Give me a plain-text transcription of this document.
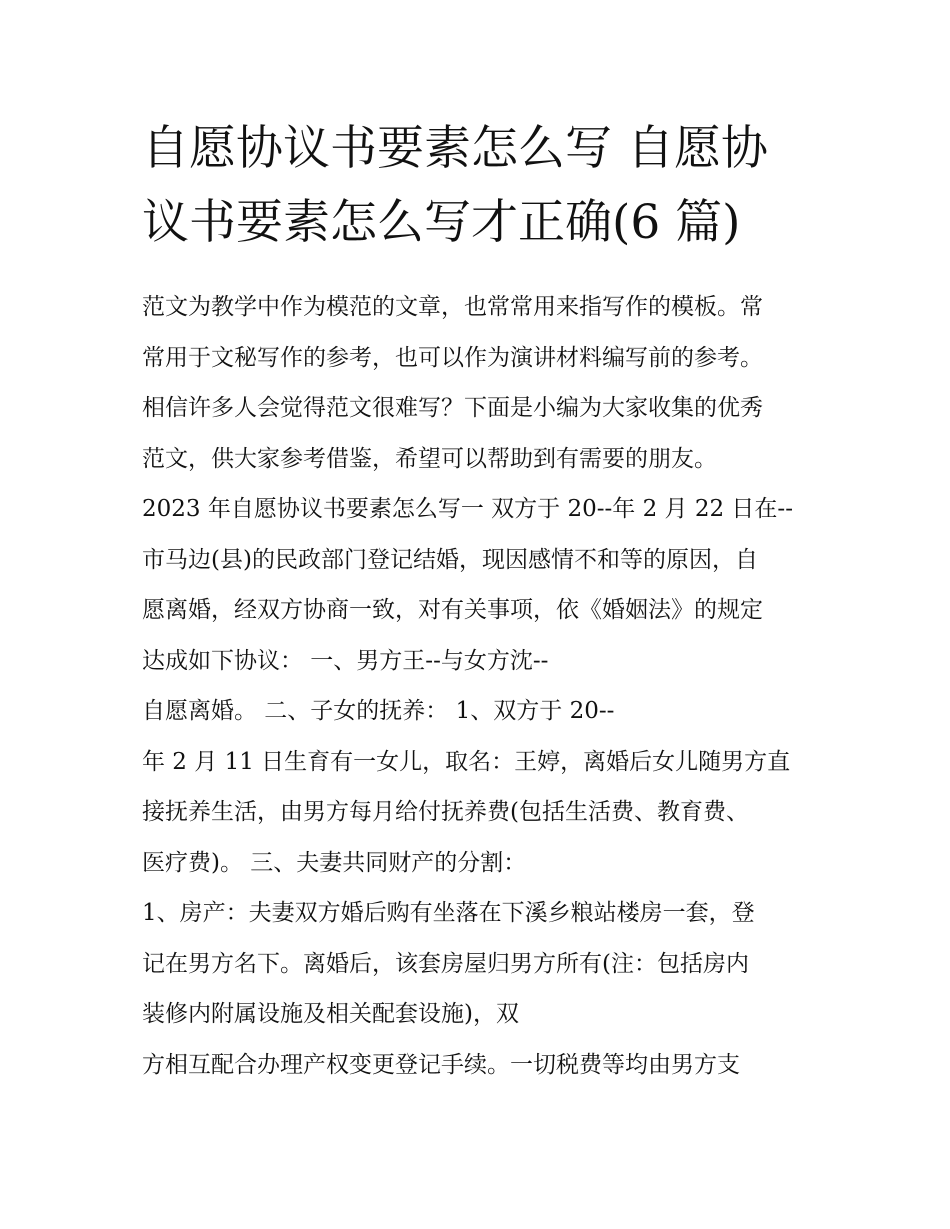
自愿协议书要素怎么写 自愿协
议书要素怎么写才正确(6 篇)
范文为教学中作为模范的文章，也常常用来指写作的模板。常
常用于文秘写作的参考，也可以作为演讲材料编写前的参考。
相信许多人会觉得范文很难写？下面是小编为大家收集的优秀
范文，供大家参考借鉴，希望可以帮助到有需要的朋友。
2023 年自愿协议书要素怎么写一 双方于 20--年 2 月 22 日在--
市马边(县)的民政部门登记结婚，现因感情不和等的原因，自
愿离婚，经双方协商一致，对有关事项，依《婚姻法》的规定
达成如下协议： 一、男方王--与女方沈--
自愿离婚。 二、子女的抚养： 1、双方于 20--
年 2 月 11 日生育有一女儿，取名：王婷，离婚后女儿随男方直
接抚养生活，由男方每月给付抚养费(包括生活费、教育费、
医疗费)。 三、夫妻共同财产的分割：
1、房产：夫妻双方婚后购有坐落在下溪乡粮站楼房一套，登
记在男方名下。离婚后，该套房屋归男方所有(注：包括房内
装修内附属设施及相关配套设施)，双
方相互配合办理产权变更登记手续。一切税费等均由男方支
